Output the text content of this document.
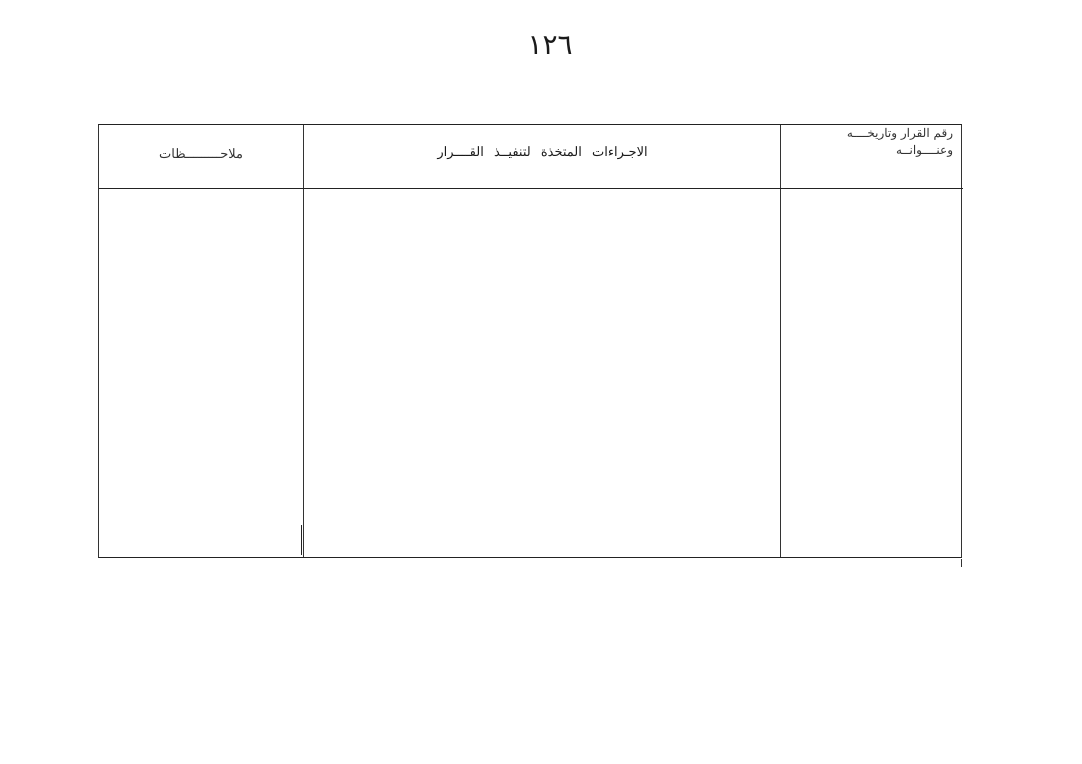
١٢٦
رقم القرار وتاريخــــه
وعنــــوانــه
الاجـراءات المتخذة لتنفيــذ القــــرار
ملاحـــــــــظات
